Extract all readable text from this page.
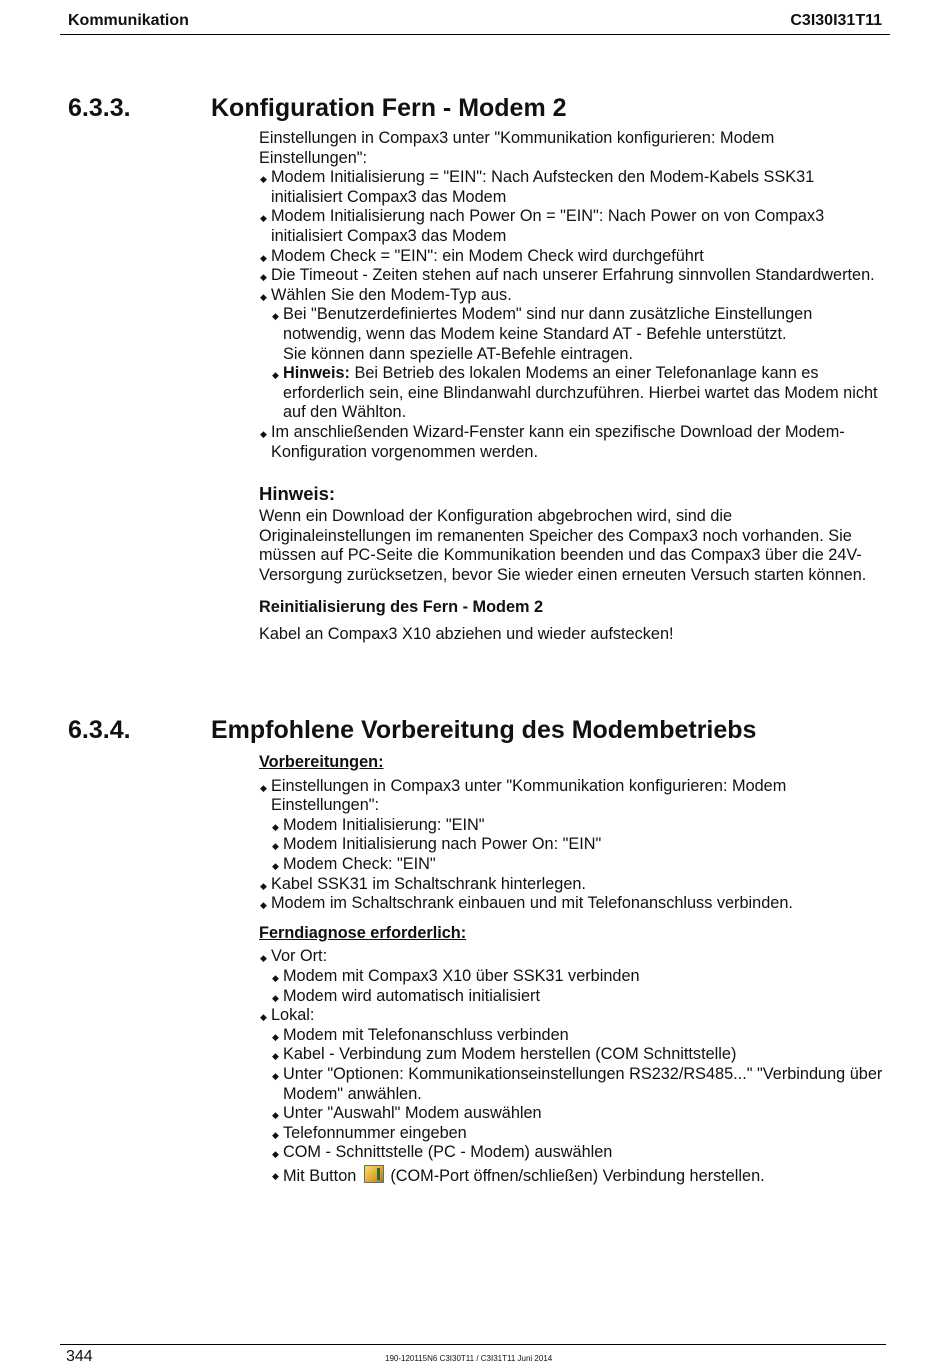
Kommunikation	C3I30I31T11
6.3.3.	Konfiguration Fern - Modem 2

Einstellungen in Compax3 unter "Kommunikation konfigurieren: Modem Einstellungen":

◆ Modem Initialisierung = "EIN": Nach Aufstecken den Modem-Kabels SSK31 initialisiert Compax3 das Modem

◆ Modem Initialisierung nach Power On = "EIN": Nach Power on von Compax3 initialisiert Compax3 das Modem

◆ Modem Check = "EIN": ein Modem Check wird durchgeführt

◆ Die Timeout - Zeiten stehen auf nach unserer Erfahrung sinnvollen Standardwerten.

◆ Wählen Sie den Modem-Typ aus.

◆ Bei "Benutzerdefiniertes Modem" sind nur dann zusätzliche Einstellungen notwendig, wenn das Modem keine Standard AT - Befehle unterstützt.
Sie können dann spezielle AT-Befehle eintragen.

◆ Hinweis: Bei Betrieb des lokalen Modems an einer Telefonanlage kann es erforderlich sein, eine Blindanwahl durchzuführen. Hierbei wartet das Modem nicht auf den Wählton.

◆ Im anschließenden Wizard-Fenster kann ein spezifische Download der Modem-Konfiguration vorgenommen werden.

Hinweis:

Wenn ein Download der Konfiguration abgebrochen wird, sind die Originaleinstellungen im remanenten Speicher des Compax3 noch vorhanden. Sie müssen auf PC-Seite die Kommunikation beenden und das Compax3 über die 24V-Versorgung zurücksetzen, bevor Sie wieder einen erneuten Versuch starten können.

Reinitialisierung des Fern - Modem 2

Kabel an Compax3 X10 abziehen und wieder aufstecken!

6.3.4.	Empfohlene Vorbereitung des Modembetriebs

Vorbereitungen:

◆ Einstellungen in Compax3 unter "Kommunikation konfigurieren: Modem Einstellungen":

◆ Modem Initialisierung: "EIN"

◆ Modem Initialisierung nach Power On: "EIN"

◆ Modem Check: "EIN"

◆ Kabel SSK31 im Schaltschrank hinterlegen.

◆ Modem im Schaltschrank einbauen und mit Telefonanschluss verbinden.

Ferndiagnose erforderlich:

◆ Vor Ort:

◆ Modem mit Compax3 X10 über SSK31 verbinden

◆ Modem wird automatisch initialisiert

◆ Lokal:

◆ Modem mit Telefonanschluss verbinden

◆ Kabel - Verbindung zum Modem herstellen (COM Schnittstelle)

◆ Unter "Optionen: Kommunikationseinstellungen RS232/RS485..." "Verbindung über Modem" anwählen.

◆ Unter "Auswahl" Modem auswählen

◆ Telefonnummer eingeben

◆ COM - Schnittstelle (PC - Modem) auswählen

◆ Mit Button (COM-Port öffnen/schließen) Verbindung herstellen.

344	190-120115N6 C3I30T11 / C3I31T11 Juni 2014
